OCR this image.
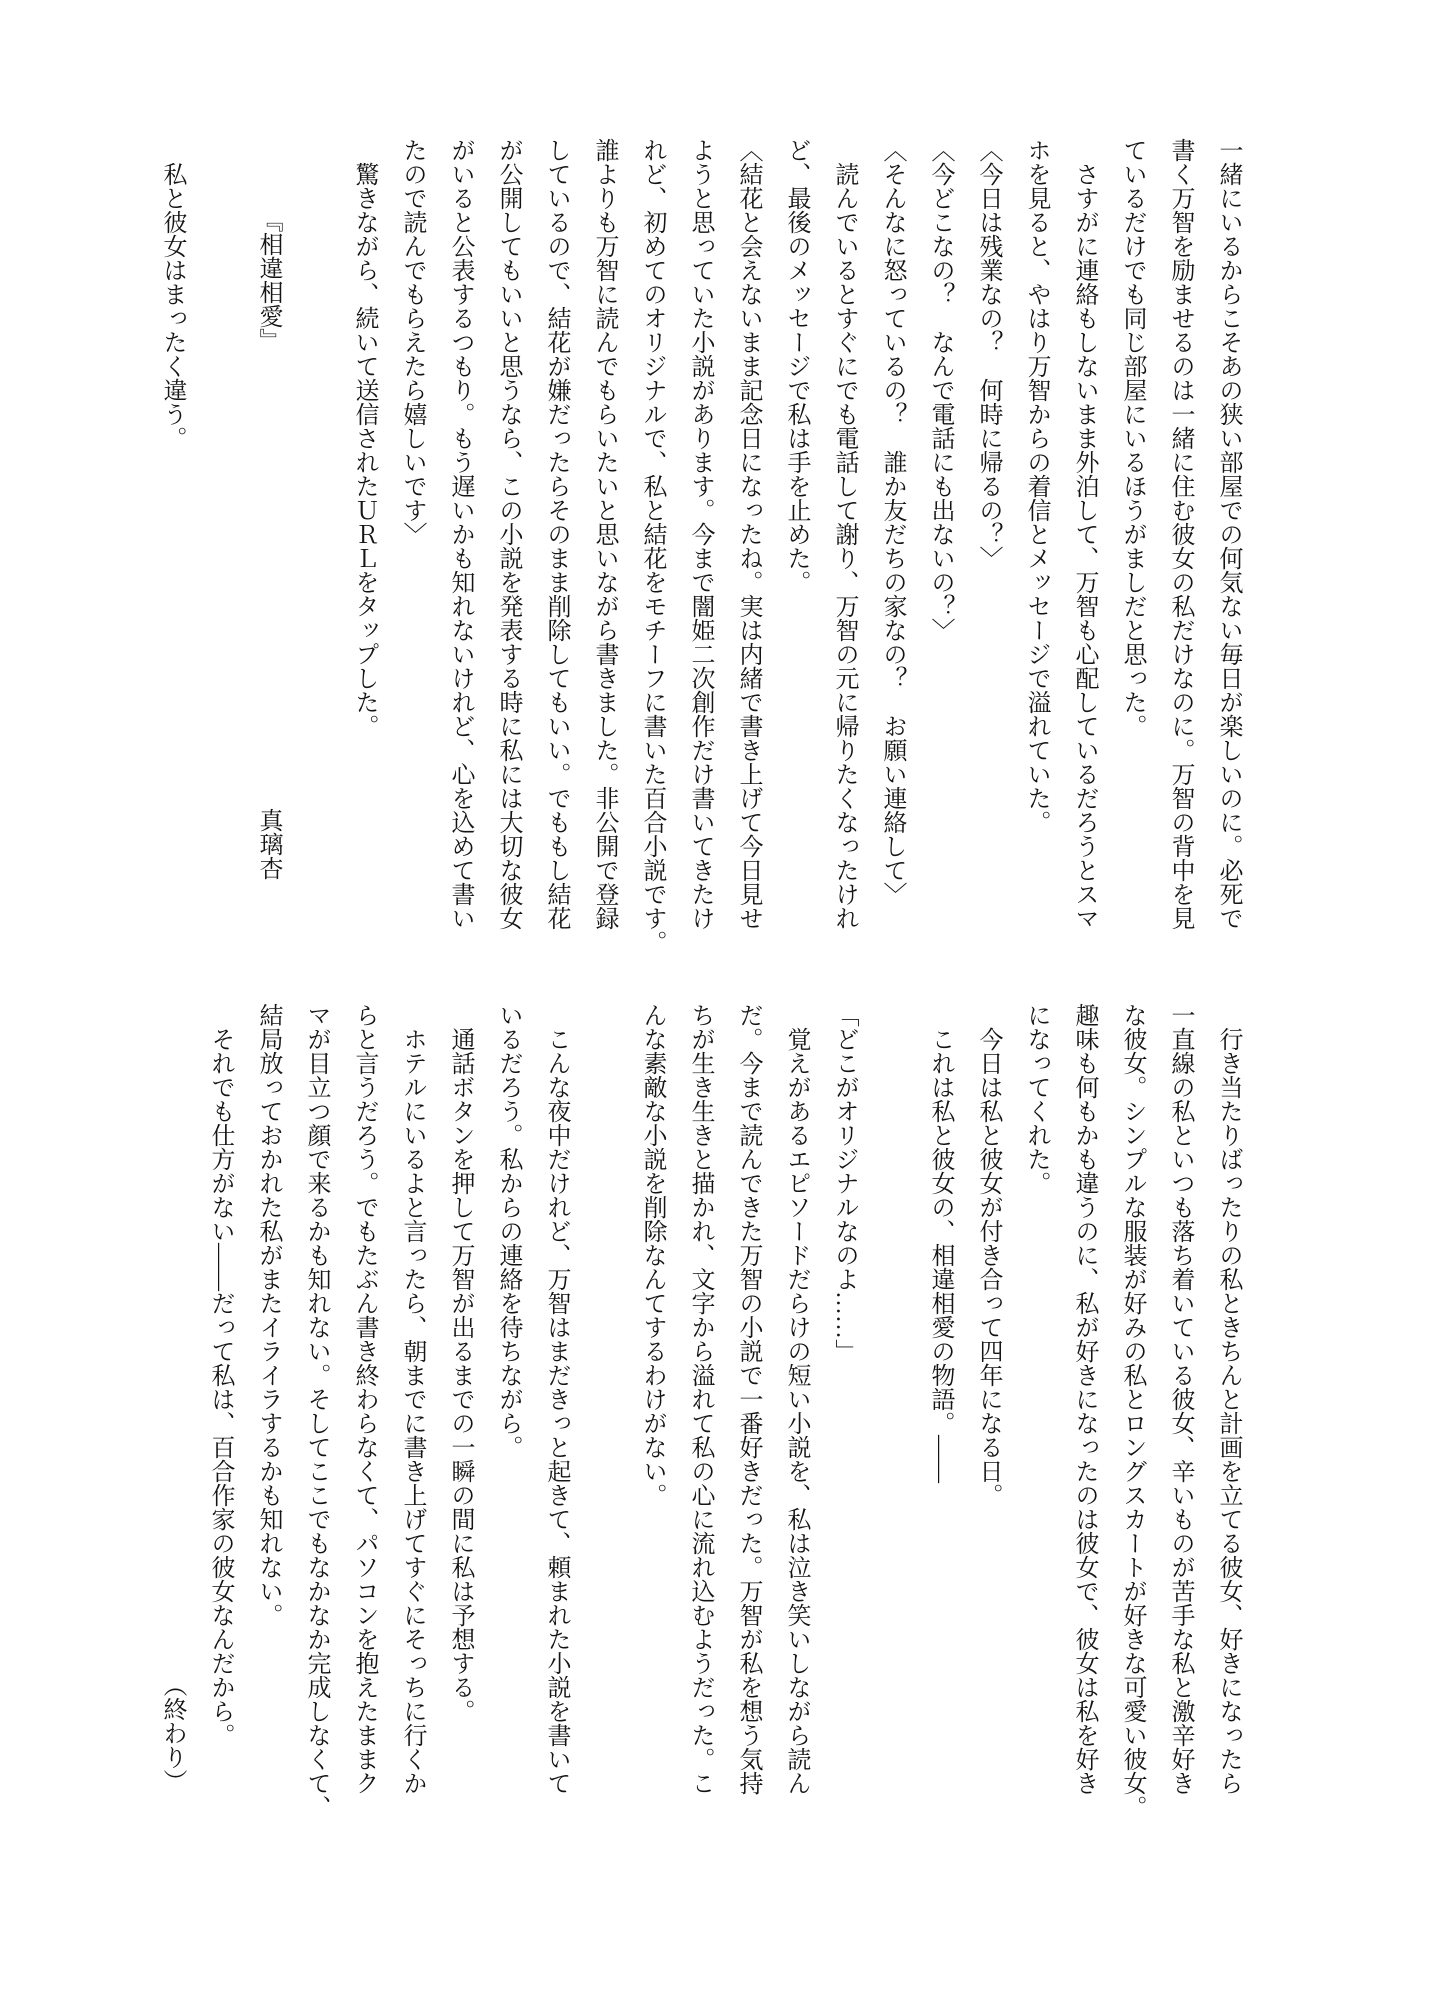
一緒にいるからこそあの狭い部屋での何気ない毎日が楽しいのに。必死で
書く万智を励ませるのは一緒に住む彼女の私だけなのに。万智の背中を見
ているだけでも同じ部屋にいるほうがましだと思った。
　さすがに連絡もしないまま外泊して、万智も心配しているだろうとスマ
ホを見ると、やはり万智からの着信とメッセージで溢れていた。
〈今日は残業なの？　何時に帰るの？〉
〈今どこなの？　なんで電話にも出ないの？〉
〈そんなに怒っているの？　誰か友だちの家なの？　お願い連絡して〉
　読んでいるとすぐにでも電話して謝り、万智の元に帰りたくなったけれ
ど、最後のメッセージで私は手を止めた。
〈結花と会えないまま記念日になったね。実は内緒で書き上げて今日見せ
ようと思っていた小説があります。今まで闇姫二次創作だけ書いてきたけ
れど、初めてのオリジナルで、私と結花をモチーフに書いた百合小説です。
誰よりも万智に読んでもらいたいと思いながら書きました。非公開で登録
しているので、結花が嫌だったらそのまま削除してもいい。でももし結花
が公開してもいいと思うなら、この小説を発表する時に私には大切な彼女
がいると公表するつもり。もう遅いかも知れないけれど、心を込めて書い
たので読んでもらえたら嬉しいです〉
　驚きながら、続いて送信されたＵＲＬをタップした。
『相違相愛』
真璃杏
　私と彼女はまったく違う。
　行き当たりばったりの私ときちんと計画を立てる彼女、好きになったら
一直線の私といつも落ち着いている彼女、辛いものが苦手な私と激辛好き
な彼女。シンプルな服装が好みの私とロングスカートが好きな可愛い彼女。
趣味も何もかも違うのに、私が好きになったのは彼女で、彼女は私を好き
になってくれた。
　今日は私と彼女が付き合って四年になる日。
　これは私と彼女の、相違相愛の物語。――
「どこがオリジナルなのよ……」
　覚えがあるエピソードだらけの短い小説を、私は泣き笑いしながら読ん
だ。今まで読んできた万智の小説で一番好きだった。万智が私を想う気持
ちが生き生きと描かれ、文字から溢れて私の心に流れ込むようだった。こ
んな素敵な小説を削除なんてするわけがない。
　こんな夜中だけれど、万智はまだきっと起きて、頼まれた小説を書いて
いるだろう。私からの連絡を待ちながら。
　通話ボタンを押して万智が出るまでの一瞬の間に私は予想する。
　ホテルにいるよと言ったら、朝までに書き上げてすぐにそっちに行くか
らと言うだろう。でもたぶん書き終わらなくて、パソコンを抱えたままク
マが目立つ顔で来るかも知れない。そしてここでもなかなか完成しなくて、
結局放っておかれた私がまたイライラするかも知れない。
　それでも仕方がない――だって私は、百合作家の彼女なんだから。
（終わり）
